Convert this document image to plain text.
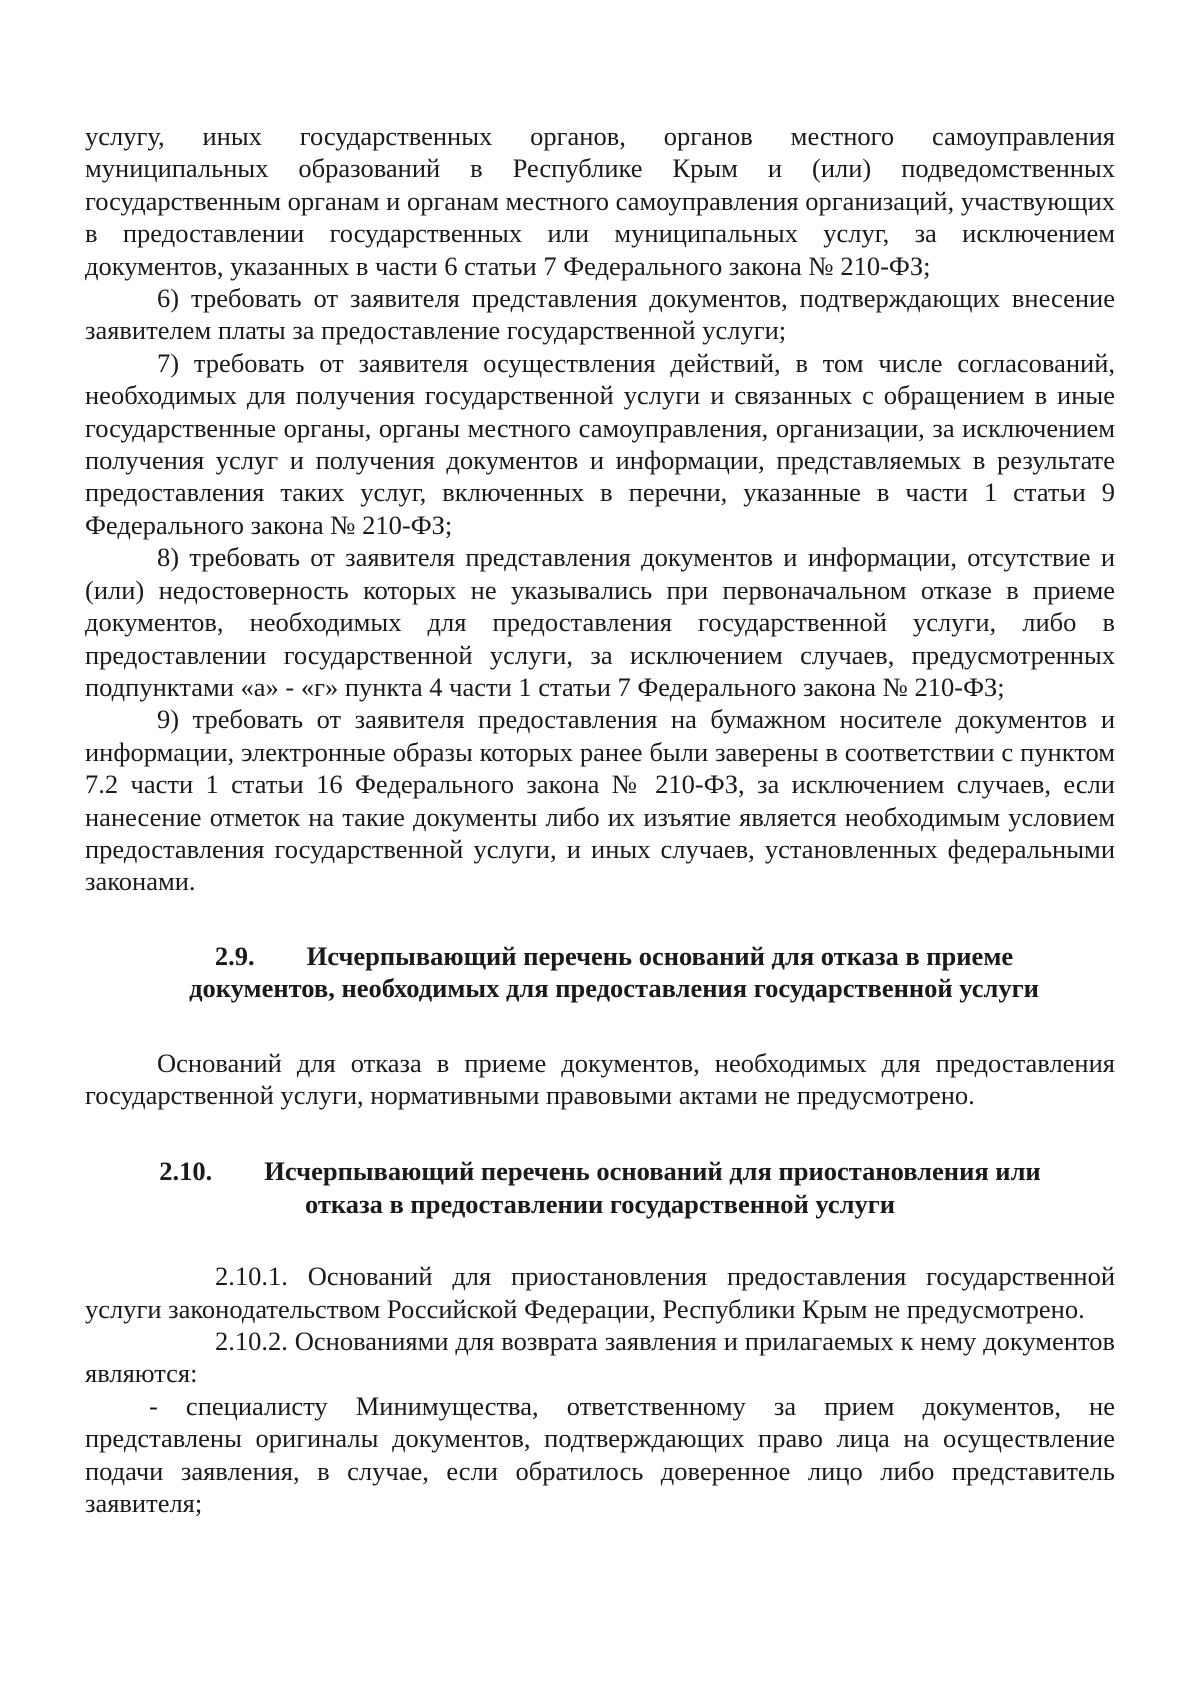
услугу, иных государственных органов, органов местного самоуправления муниципальных образований в Республике Крым и (или) подведомственных государственным органам и органам местного самоуправления организаций, участвующих в предоставлении государственных или муниципальных услуг, за исключением документов, указанных в части 6 статьи 7 Федерального закона № 210-ФЗ;

6) требовать от заявителя представления документов, подтверждающих внесение заявителем платы за предоставление государственной услуги;

7) требовать от заявителя осуществления действий, в том числе согласований, необходимых для получения государственной услуги и связанных с обращением в иные государственные органы, органы местного самоуправления, организации, за исключением получения услуг и получения документов и информации, представляемых в результате предоставления таких услуг, включенных в перечни, указанные в части 1 статьи 9 Федерального закона № 210-ФЗ;

8) требовать от заявителя представления документов и информации, отсутствие и (или) недостоверность которых не указывались при первоначальном отказе в приеме документов, необходимых для предоставления государственной услуги, либо в предоставлении государственной услуги, за исключением случаев, предусмотренных подпунктами «а» - «г» пункта 4 части 1 статьи 7 Федерального закона № 210-ФЗ;

9) требовать от заявителя предоставления на бумажном носителе документов и информации, электронные образы которых ранее были заверены в соответствии с пунктом 7.2 части 1 статьи 16 Федерального закона № 210-ФЗ, за исключением случаев, если нанесение отметок на такие документы либо их изъятие является необходимым условием предоставления государственной услуги, и иных случаев, установленных федеральными законами.

2.9. Исчерпывающий перечень оснований для отказа в приеме
документов, необходимых для предоставления государственной услуги

Оснований для отказа в приеме документов, необходимых для предоставления государственной услуги, нормативными правовыми актами не предусмотрено.

2.10. Исчерпывающий перечень оснований для приостановления или
отказа в предоставлении государственной услуги

2.10.1. Оснований для приостановления предоставления государственной услуги законодательством Российской Федерации, Республики Крым не предусмотрено.

2.10.2. Основаниями для возврата заявления и прилагаемых к нему документов являются:

- специалисту Минимущества, ответственному за прием документов, не представлены оригиналы документов, подтверждающих право лица на осуществление подачи заявления, в случае, если обратилось доверенное лицо либо представитель заявителя;
